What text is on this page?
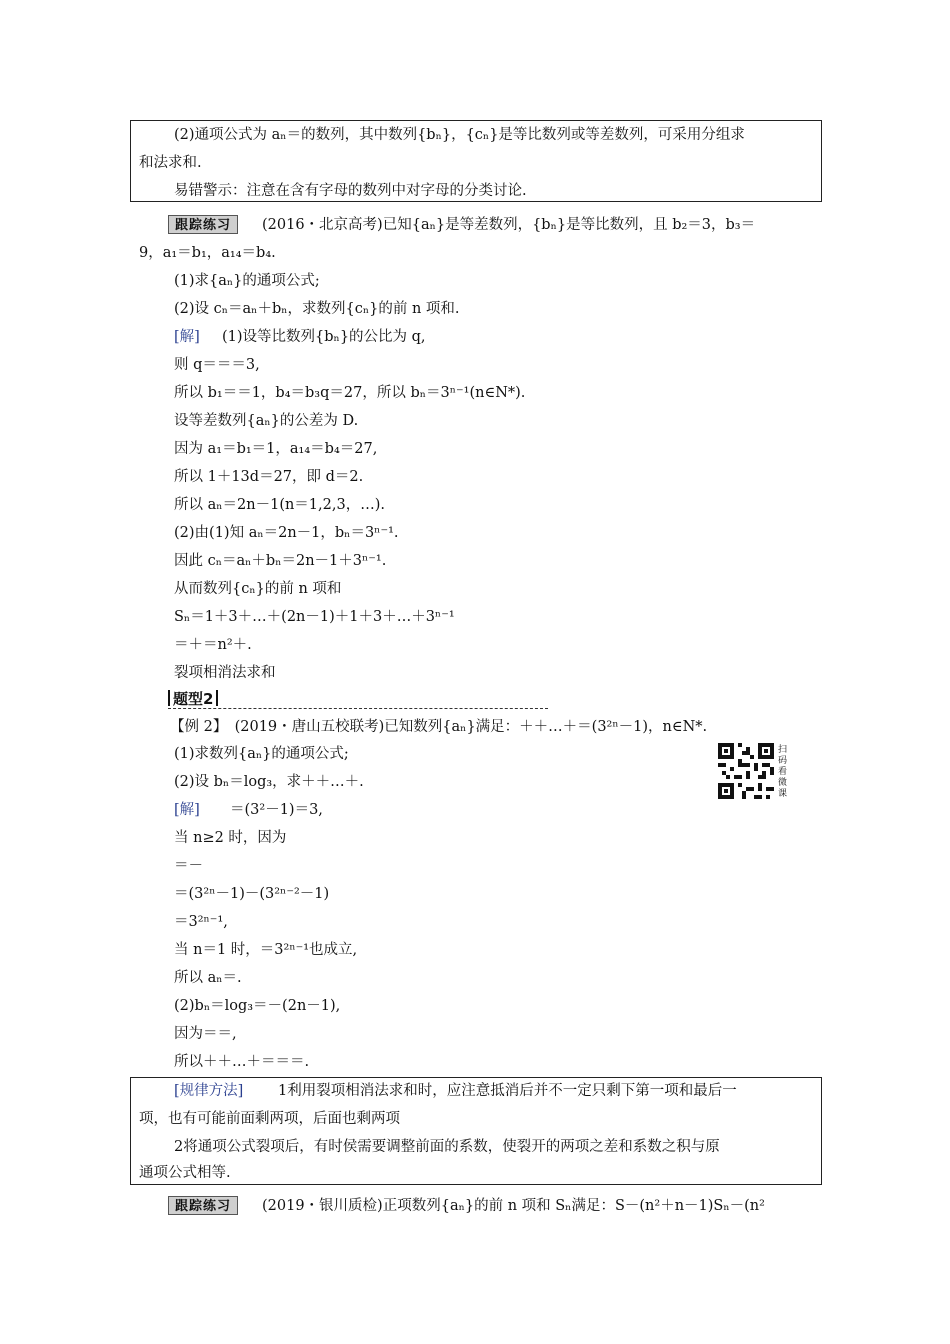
(2)通项公式为 aₙ＝的数列，其中数列{bₙ}，{cₙ}是等比数列或等差数列，可采用分组求
和法求和.
易错警示：注意在含有字母的数列中对字母的分类讨论.
跟踪练习	(2016・北京高考)已知{aₙ}是等差数列，{bₙ}是等比数列，且 b₂＝3，b₃＝
9，a₁＝b₁，a₁₄＝b₄.
(1)求{aₙ}的通项公式;
(2)设 cₙ＝aₙ＋bₙ，求数列{cₙ}的前 n 项和.
[解] (1)设等比数列{bₙ}的公比为 q,
则 q＝＝＝3,
所以 b₁＝＝1，b₄＝b₃q＝27，所以 bₙ＝3ⁿ⁻¹(n∈N*).
设等差数列{aₙ}的公差为 D.
因为 a₁＝b₁＝1，a₁₄＝b₄＝27,
所以 1＋13d＝27，即 d＝2.
所以 aₙ＝2n－1(n＝1,2,3，…).
(2)由(1)知 aₙ＝2n－1，bₙ＝3ⁿ⁻¹.
因此 cₙ＝aₙ＋bₙ＝2n－1＋3ⁿ⁻¹.
从而数列{cₙ}的前 n 项和
Sₙ＝1＋3＋…＋(2n－1)＋1＋3＋…＋3ⁿ⁻¹
＝＋＝n²＋.
裂项相消法求和
题型2
【例 2】　(2019・唐山五校联考)已知数列{aₙ}满足：＋＋…＋＝(3²ⁿ－1)，n∈N*.
(1)求数列{aₙ}的通项公式;
(2)设 bₙ＝log₃，求＋＋…＋.
扫
码
看
微
课
[解] ＝(3²－1)＝3,
当 n≥2 时，因为
＝－
＝(3²ⁿ－1)－(3²ⁿ⁻²－1)
＝3²ⁿ⁻¹,
当 n＝1 时，＝3²ⁿ⁻¹也成立,
所以 aₙ＝.
(2)bₙ＝log₃＝－(2n－1),
因为＝＝,
所以＋＋…＋＝＝＝.
[规律方法] 1利用裂项相消法求和时，应注意抵消后并不一定只剩下第一项和最后一
项，也有可能前面剩两项，后面也剩两项
2将通项公式裂项后，有时侯需要调整前面的系数，使裂开的两项之差和系数之积与原
通项公式相等.
跟踪练习	(2019・银川质检)正项数列{aₙ}的前 n 项和 Sₙ满足：S－(n²＋n－1)Sₙ－(n²
